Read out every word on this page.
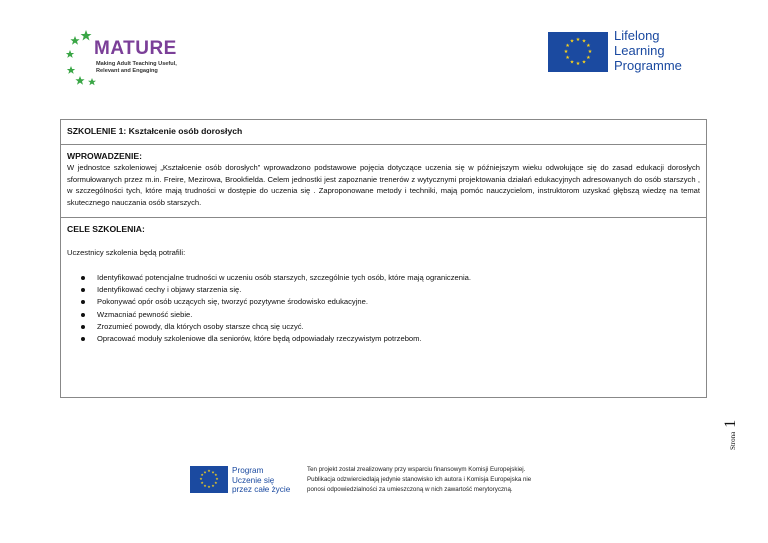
MATURE
Making Adult Teaching Useful,
Relevant and Engaging
★ ★
★
★
★
★
★
★
★
★
★
★	Lifelong
Learning
Programme
SZKOLENIE 1: Kształcenie osób dorosłych
WPROWADZENIE:
W jednostce szkoleniowej „Kształcenie osób dorosłych” wprowadzono podstawowe pojęcia dotyczące uczenia się w późniejszym wieku odwołujące się do zasad edukacji dorosłych sformułowanych przez m.in. Freire, Mezirowa, Brookfielda. Celem jednostki jest zapoznanie trenerów z wytycznymi projektowania działań edukacyjnych adresowanych do osób starszych , w szczególności tych, które mają trudności w dostępie do uczenia się . Zaproponowane metody i techniki, mają pomóc nauczycielom, instruktorom uzyskać głębszą wiedzę na temat skutecznego nauczania osób starszych.
CELE SZKOLENIA:
Uczestnicy szkolenia będą potrafili:
Identyfikować potencjalne trudności w uczeniu osób starszych, szczególnie tych osób, które mają ograniczenia.
Identyfikować cechy i objawy starzenia się.
Pokonywać opór osób uczących się, tworzyć pozytywne środowisko edukacyjne.
Wzmacniać pewność siebie.
Zrozumieć powody, dla których osoby starsze chcą się uczyć.
Opracować moduły szkoleniowe dla seniorów, które będą odpowiadały rzeczywistym potrzebom.
Strona 1
★ ★
★
★
★
★
★
★
★
★
★
★	Program
Uczenie się
przez całe życie
Ten projekt został zrealizowany przy wsparciu finansowym Komisji Europejskiej.
Publikacja odzwierciedlają jedynie stanowisko ich autora i Komisja Europejska nie
ponosi odpowiedzialności za umieszczoną w nich zawartość merytoryczną.
